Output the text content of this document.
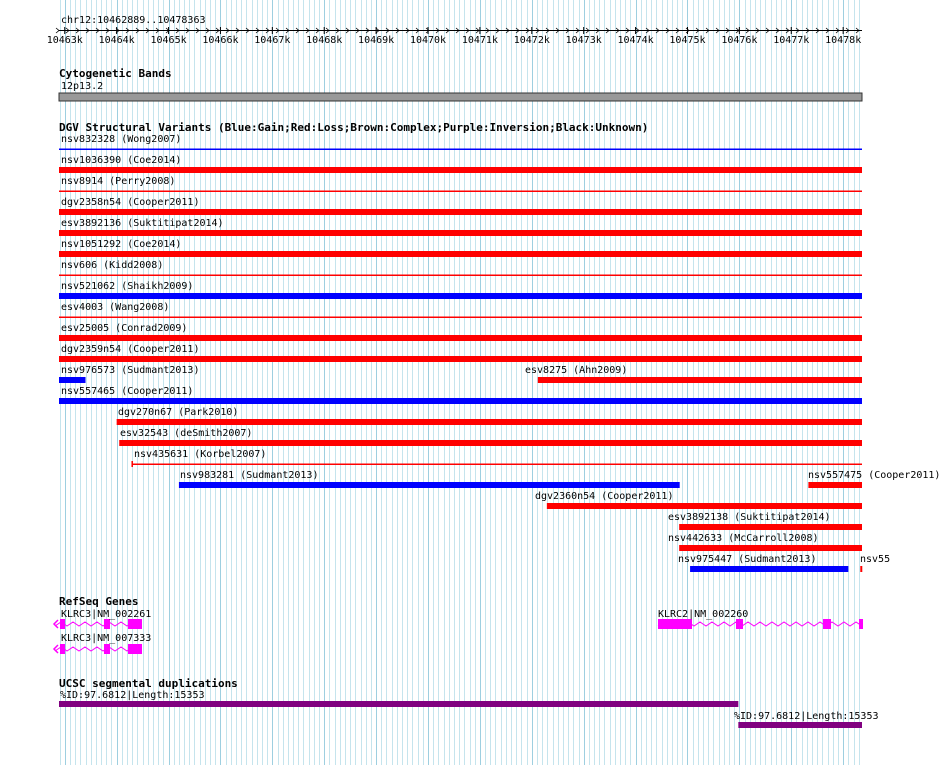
chr12:10462889..10478363
Cytogenetic Bands
12p13.2
DGV Structural Variants (Blue:Gain;Red:Loss;Brown:Complex;Purple:Inversion;Black:Unknown)
RefSeq Genes
KLRC3|NM_002261
KLRC3|NM_007333
KLRC2|NM_002260
UCSC segmental duplications
%ID:97.6812|Length:15353
%ID:97.6812|Length:15353
10463k 10464k 10465k 10466k 10467k 10468k 10469k 10470k 10471k 10472k 10473k 10474k 10475k 10476k 10477k 10478k
nsv832328 (Wong2007)
nsv1036390 (Coe2014)
nsv8914 (Perry2008)
dgv2358n54 (Cooper2011)
esv3892136 (Suktitipat2014)
nsv1051292 (Coe2014)
nsv606 (Kidd2008)
nsv521062 (Shaikh2009)
esv4003 (Wang2008)
esv25005 (Conrad2009)
dgv2359n54 (Cooper2011)
nsv976573 (Sudmant2013)	esv8275 (Ahn2009)
nsv557465 (Cooper2011)
dgv270n67 (Park2010)
esv32543 (deSmith2007)
nsv435631 (Korbel2007)
nsv983281 (Sudmant2013)	nsv557475 (Cooper2011)
dgv2360n54 (Cooper2011)
esv3892138 (Suktitipat2014)
nsv442633 (McCarroll2008)
nsv975447 (Sudmant2013)	nsv55
